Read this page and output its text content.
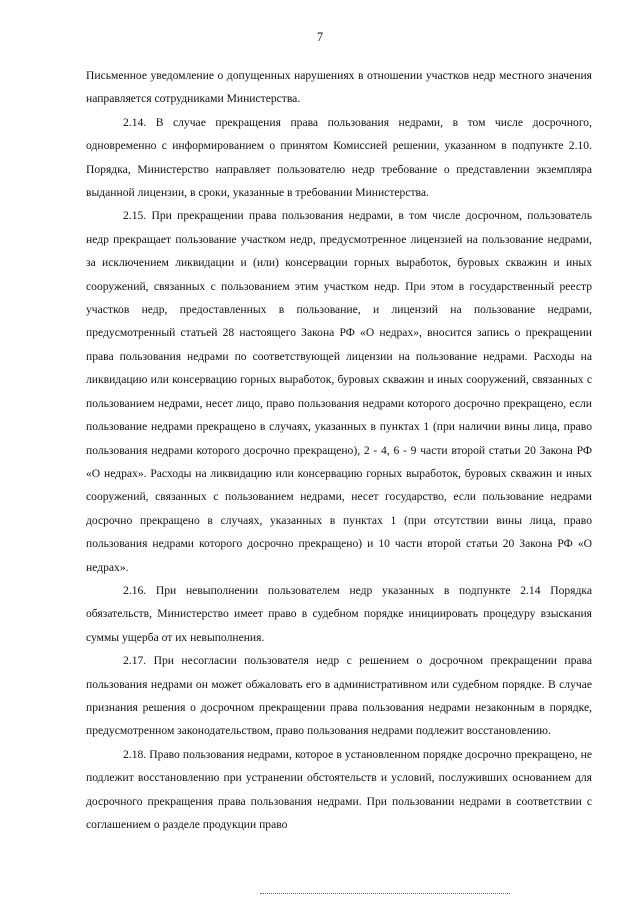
7

Письменное уведомление о допущенных нарушениях в отношении участков недр местного значения направляется сотрудниками Министерства.

2.14. В случае прекращения права пользования недрами, в том числе досрочного, одновременно с информированием о принятом Комиссией решении, указанном в подпункте 2.10. Порядка, Министерство направляет пользователю недр требование о представлении экземпляра выданной лицензии, в сроки, указанные в требовании Министерства.

2.15. При прекращении права пользования недрами, в том числе досрочном, пользователь недр прекращает пользование участком недр, предусмотренное лицензией на пользование недрами, за исключением ликвидации и (или) консервации горных выработок, буровых скважин и иных сооружений, связанных с пользованием этим участком недр. При этом в государственный реестр участков недр, предоставленных в пользование, и лицензий на пользование недрами, предусмотренный статьей 28 настоящего Закона РФ «О недрах», вносится запись о прекращении права пользования недрами по соответствующей лицензии на пользование недрами. Расходы на ликвидацию или консервацию горных выработок, буровых скважин и иных сооружений, связанных с пользованием недрами, несет лицо, право пользования недрами которого досрочно прекращено, если пользование недрами прекращено в случаях, указанных в пунктах 1 (при наличии вины лица, право пользования недрами которого досрочно прекращено), 2 - 4, 6 - 9 части второй статьи 20 Закона РФ «О недрах». Расходы на ликвидацию или консервацию горных выработок, буровых скважин и иных сооружений, связанных с пользованием недрами, несет государство, если пользование недрами досрочно прекращено в случаях, указанных в пунктах 1 (при отсутствии вины лица, право пользования недрами которого досрочно прекращено) и 10 части второй статьи 20 Закона РФ «О недрах».

2.16. При невыполнении пользователем недр указанных в подпункте 2.14 Порядка обязательств, Министерство имеет право в судебном порядке инициировать процедуру взыскания суммы ущерба от их невыполнения.

2.17. При несогласии пользователя недр с решением о досрочном прекращении права пользования недрами он может обжаловать его в административном или судебном порядке. В случае признания решения о досрочном прекращении права пользования недрами незаконным в порядке, предусмотренном законодательством, право пользования недрами подлежит восстановлению.

2.18. Право пользования недрами, которое в установленном порядке досрочно прекращено, не подлежит восстановлению при устранении обстоятельств и условий, послуживших основанием для досрочного прекращения права пользования недрами. При пользовании недрами в соответствии с соглашением о разделе продукции право
